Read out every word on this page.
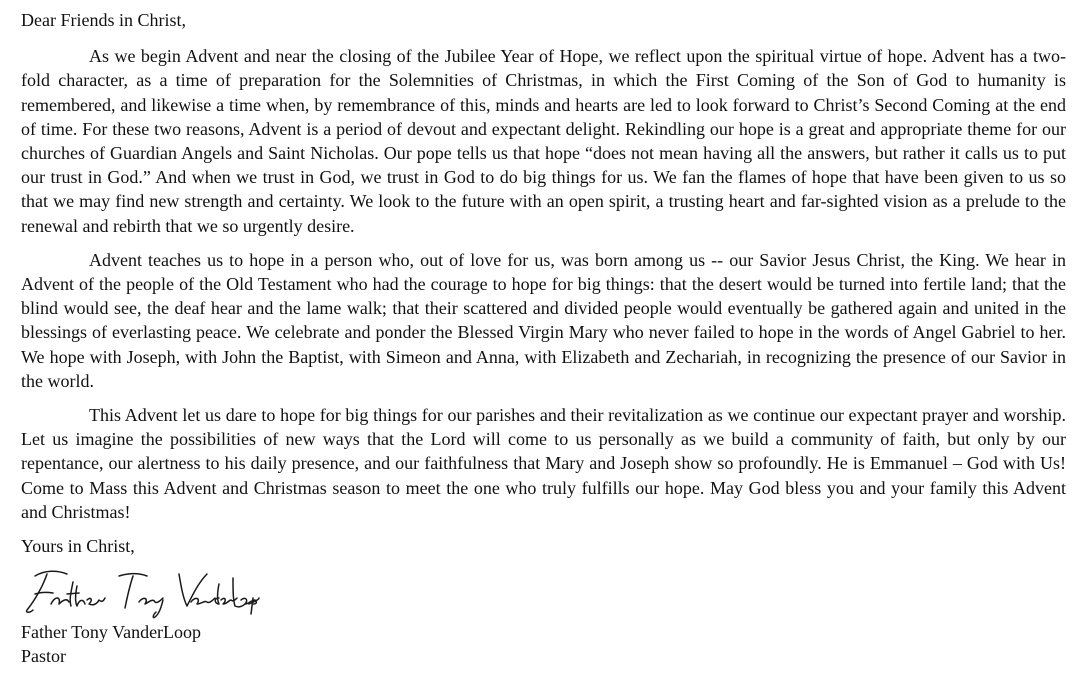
Dear Friends in Christ,

As we begin Advent and near the closing of the Jubilee Year of Hope, we reflect upon the spiritual virtue of hope. Advent has a two-fold character, as a time of preparation for the Solemnities of Christmas, in which the First Coming of the Son of God to humanity is remembered, and likewise a time when, by remembrance of this, minds and hearts are led to look forward to Christ’s Second Coming at the end of time. For these two reasons, Advent is a period of devout and expectant delight. Rekindling our hope is a great and appropriate theme for our churches of Guardian Angels and Saint Nicholas. Our pope tells us that hope “does not mean having all the answers, but rather it calls us to put our trust in God.” And when we trust in God, we trust in God to do big things for us. We fan the flames of hope that have been given to us so that we may find new strength and certainty. We look to the future with an open spirit, a trusting heart and far-sighted vision as a prelude to the renewal and rebirth that we so urgently desire.

Advent teaches us to hope in a person who, out of love for us, was born among us -- our Savior Jesus Christ, the King. We hear in Advent of the people of the Old Testament who had the courage to hope for big things: that the desert would be turned into fertile land; that the blind would see, the deaf hear and the lame walk; that their scattered and divided people would eventually be gathered again and united in the blessings of everlasting peace. We celebrate and ponder the Blessed Virgin Mary who never failed to hope in the words of Angel Gabriel to her. We hope with Joseph, with John the Baptist, with Simeon and Anna, with Elizabeth and Zechariah, in recognizing the presence of our Savior in the world.

This Advent let us dare to hope for big things for our parishes and their revitalization as we continue our expectant prayer and worship. Let us imagine the possibilities of new ways that the Lord will come to us personally as we build a community of faith, but only by our repentance, our alertness to his daily presence, and our faithfulness that Mary and Joseph show so profoundly. He is Emmanuel – God with Us! Come to Mass this Advent and Christmas season to meet the one who truly fulfills our hope. May God bless you and your family this Advent and Christmas!

Yours in Christ,

Father Tony VanderLoop

Pastor
